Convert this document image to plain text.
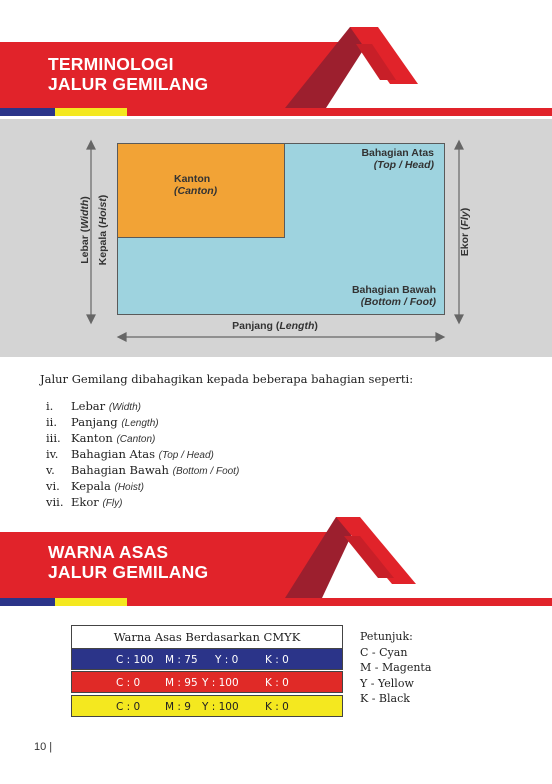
TERMINOLOGI
JALUR GEMILANG
Bahagian Atas
(Top / Head)
Kanton
(Canton)
Bahagian Bawah
(Bottom / Foot)
Panjang (Length)
Lebar (Width)
Kepala (Hoist)
Ekor (Fly)
Jalur Gemilang dibahagikan kepada beberapa bahagian seperti:
i.	Lebar (Width)
ii.	Panjang (Length)
iii. Kanton (Canton)
iv.	Bahagian Atas (Top / Head)
v.	Bahagian Bawah (Bottom / Foot)
vi. Kepala (Hoist)
vii. Ekor (Fly)
WARNA ASAS
JALUR GEMILANG
Warna Asas Berdasarkan CMYK
C : 100 M : 75 Y : 0	K : 0
C : 0 M : 95 Y : 100	K : 0
C : 0 M : 9 Y : 100	K : 0
Petunjuk:
C - Cyan
M - Magenta
Y - Yellow
K - Black
10 |
